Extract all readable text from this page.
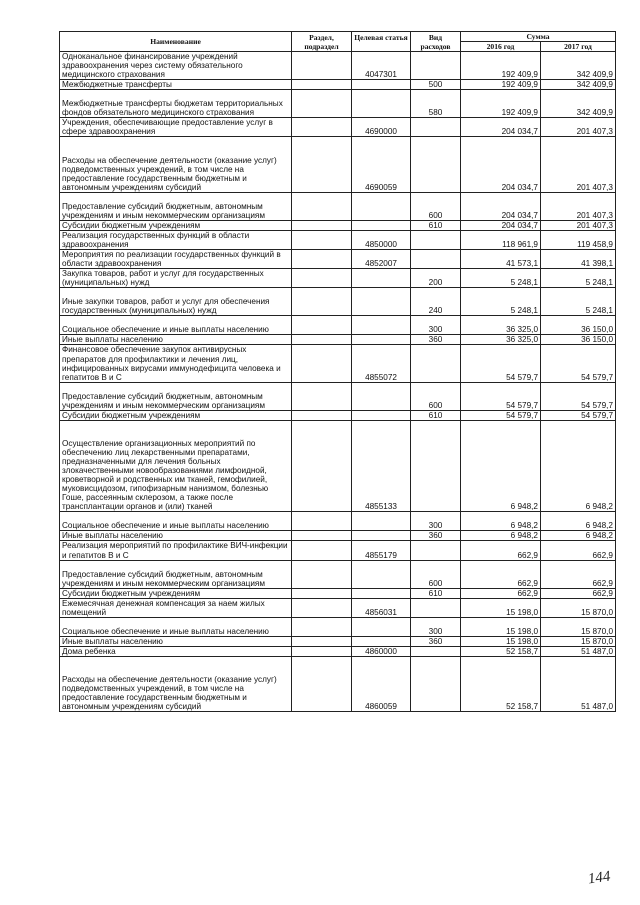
Наименование	Раздел, подраздел	Целевая статья	Вид расходов	Сумма	
				2016 год	2017 год
Одноканальное финансирование учреждений здравоохранения через систему обязательного медицинского страхования		4047301		192 409,9	342 409,9
Межбюджетные трансферты			500	192 409,9	342 409,9
Межбюджетные трансферты бюджетам территориальных фондов обязательного медицинского страхования			580	192 409,9	342 409,9
Учреждения, обеспечивающие предоставление услуг в сфере здравоохранения		4690000		204 034,7	201 407,3
Расходы на обеспечение деятельности (оказание услуг) подведомственных учреждений, в том числе на предоставление государственным бюджетным и автономным учреждениям субсидий		4690059		204 034,7	201 407,3
Предоставление субсидий бюджетным, автономным учреждениям и иным некоммерческим организациям			600	204 034,7	201 407,3
Субсидии бюджетным учреждениям			610	204 034,7	201 407,3
Реализация государственных функций в области здравоохранения		4850000		118 961,9	119 458,9
Мероприятия по реализации государственных функций в области здравоохранения		4852007		41 573,1	41 398,1
Закупка товаров, работ и услуг для государственных (муниципальных) нужд			200	5 248,1	5 248,1
Иные закупки товаров, работ и услуг для обеспечения государственных (муниципальных) нужд			240	5 248,1	5 248,1
Социальное обеспечение и иные выплаты населению			300	36 325,0	36 150,0
Иные выплаты населению			360	36 325,0	36 150,0
Финансовое обеспечение закупок антивирусных препаратов для профилактики и лечения лиц, инфицированных вирусами иммунодефицита человека и гепатитов В и С		4855072		54 579,7	54 579,7
Предоставление субсидий бюджетным, автономным учреждениям и иным некоммерческим организациям			600	54 579,7	54 579,7
Субсидии бюджетным учреждениям			610	54 579,7	54 579,7
Осуществление организационных мероприятий по обеспечению лиц лекарственными препаратами, предназначенными для лечения больных злокачественными новообразованиями лимфоидной, кроветворной и родственных им тканей, гемофилией, муковисцидозом, гипофизарным нанизмом, болезнью Гоше, рассеянным склерозом, а также после трансплантации органов и (или) тканей		4855133		6 948,2	6 948,2
Социальное обеспечение и иные выплаты населению			300	6 948,2	6 948,2
Иные выплаты населению			360	6 948,2	6 948,2
Реализация мероприятий по профилактике ВИЧ-инфекции и гепатитов В и С		4855179		662,9	662,9
Предоставление субсидий бюджетным, автономным учреждениям и иным некоммерческим организациям			600	662,9	662,9
Субсидии бюджетным учреждениям			610	662,9	662,9
Ежемесячная денежная компенсация за наем жилых помещений		4856031		15 198,0	15 870,0
Социальное обеспечение и иные выплаты населению			300	15 198,0	15 870,0
Иные выплаты населению			360	15 198,0	15 870,0
Дома ребенка		4860000		52 158,7	51 487,0
Расходы на обеспечение деятельности (оказание услуг) подведомственных учреждений, в том числе на предоставление государственным бюджетным и автономным учреждениям субсидий		4860059		52 158,7	51 487,0
144
